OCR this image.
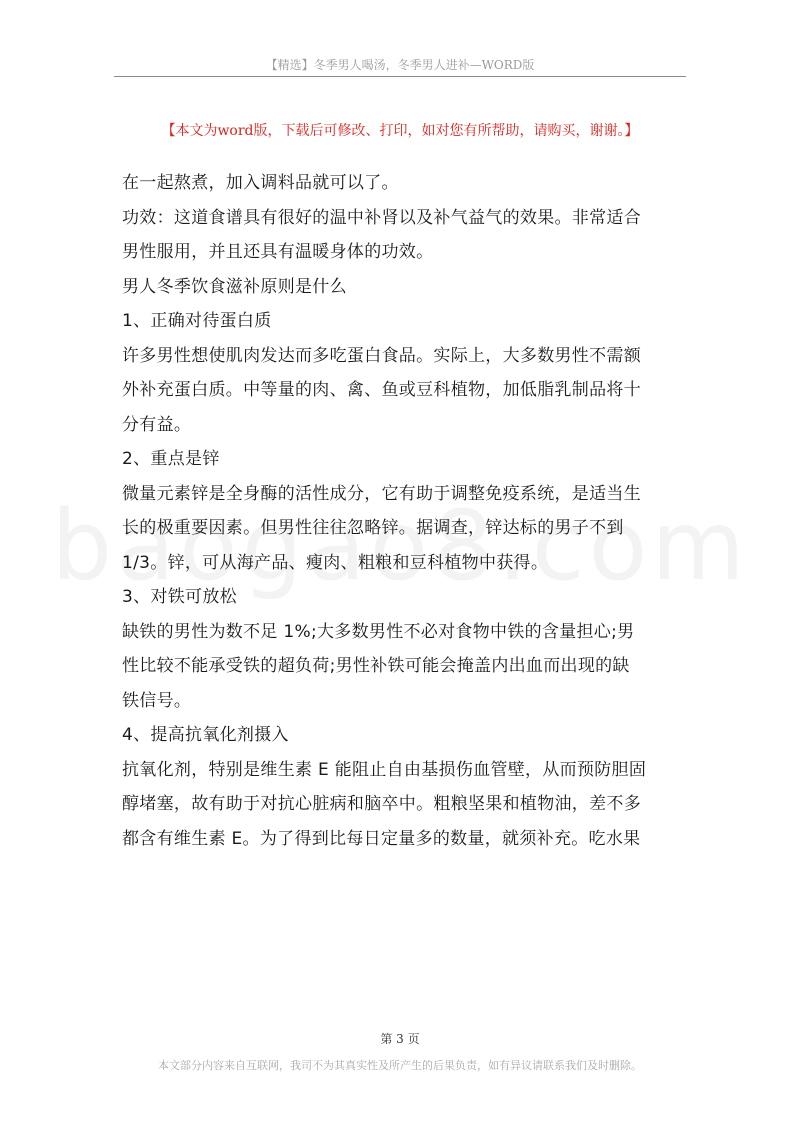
【精选】冬季男人喝汤，冬季男人进补—WORD版
【本文为word版，下载后可修改、打印，如对您有所帮助，请购买，谢谢。】

在一起熬煮，加入调料品就可以了。

功效：这道食谱具有很好的温中补肾以及补气益气的效果。非常适合

男性服用，并且还具有温暖身体的功效。

男人冬季饮食滋补原则是什么

1、正确对待蛋白质

许多男性想使肌肉发达而多吃蛋白食品。实际上，大多数男性不需额

外补充蛋白质。中等量的肉、禽、鱼或豆科植物，加低脂乳制品将十

分有益。

2、重点是锌

微量元素锌是全身酶的活性成分，它有助于调整免疫系统，是适当生

长的极重要因素。但男性往往忽略锌。据调查，锌达标的男子不到

1/3。锌，可从海产品、瘦肉、粗粮和豆科植物中获得。

3、对铁可放松

缺铁的男性为数不足 1%;大多数男性不必对食物中铁的含量担心;男

性比较不能承受铁的超负荷;男性补铁可能会掩盖内出血而出现的缺

铁信号。

4、提高抗氧化剂摄入

抗氧化剂，特别是维生素 E 能阻止自由基损伤血管壁，从而预防胆固

醇堵塞，故有助于对抗心脏病和脑卒中。粗粮坚果和植物油，差不多

都含有维生素 E。为了得到比每日定量多的数量，就须补充。吃水果

第 3 页
本文部分内容来自互联网，我司不为其真实性及所产生的后果负责，如有异议请联系我们及时删除。
